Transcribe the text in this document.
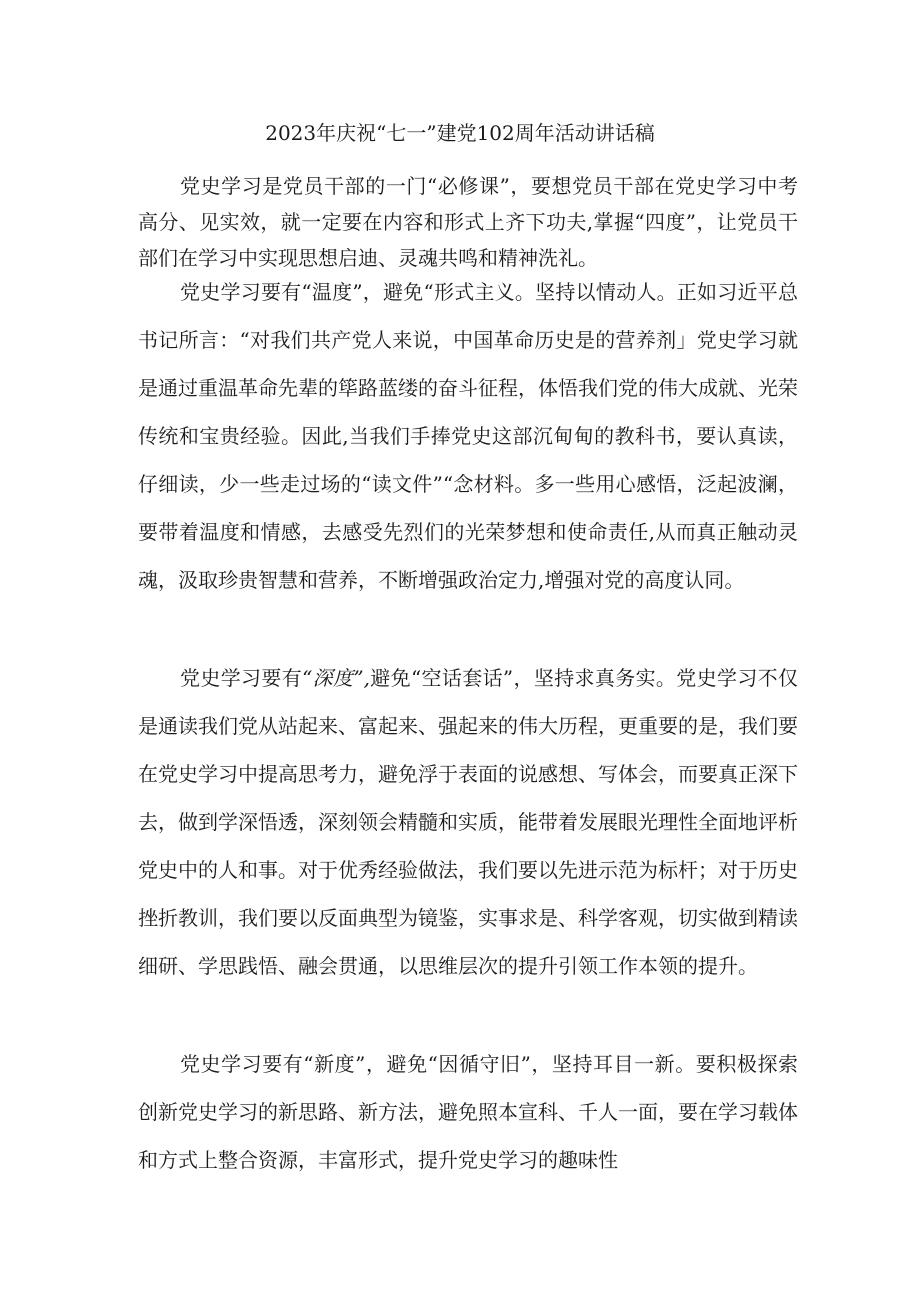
2023年庆祝“七一”建党102周年活动讲话稿

党史学习是党员干部的一门“必修课”，要想党员干部在党史学习中考高分、见实效，就一定要在内容和形式上齐下功夫,掌握“四度”，让党员干部们在学习中实现思想启迪、灵魂共鸣和精神洗礼。

党史学习要有“温度”，避免“形式主义。坚持以情动人。正如习近平总书记所言：“对我们共产党人来说，中国革命历史是的营养剂」党史学习就是通过重温革命先辈的筚路蓝缕的奋斗征程，体悟我们党的伟大成就、光荣传统和宝贵经验。因此,当我们手捧党史这部沉甸甸的教科书，要认真读，仔细读，少一些走过场的“读文件”“念材料。多一些用心感悟，泛起波澜，要带着温度和情感，去感受先烈们的光荣梦想和使命责任,从而真正触动灵魂，汲取珍贵智慧和营养，不断增强政治定力,增强对党的高度认同。

党史学习要有“深度”,避免“空话套话”，坚持求真务实。党史学习不仅是通读我们党从站起来、富起来、强起来的伟大历程，更重要的是，我们要在党史学习中提高思考力，避免浮于表面的说感想、写体会，而要真正深下去，做到学深悟透，深刻领会精髓和实质，能带着发展眼光理性全面地评析党史中的人和事。对于优秀经验做法，我们要以先进示范为标杆；对于历史挫折教训，我们要以反面典型为镜鉴，实事求是、科学客观，切实做到精读细研、学思践悟、融会贯通，以思维层次的提升引领工作本领的提升。

党史学习要有“新度”，避免“因循守旧”，坚持耳目一新。要积极探索创新党史学习的新思路、新方法，避免照本宣科、千人一面，要在学习载体和方式上整合资源，丰富形式，提升党史学习的趣味性
